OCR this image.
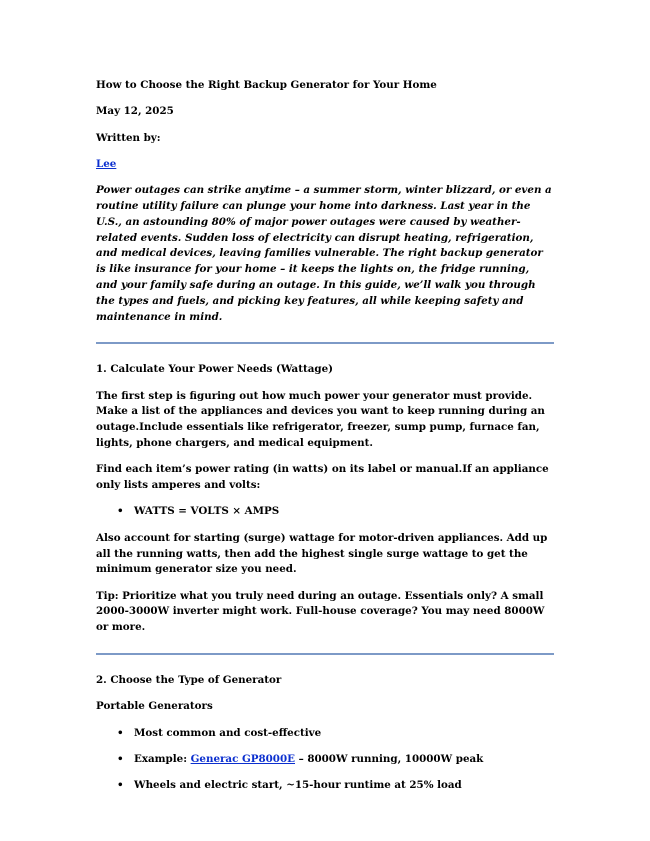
How to Choose the Right Backup Generator for Your Home
May 12, 2025
Written by:
Lee
Power outages can strike anytime – a summer storm, winter blizzard, or even a routine utility failure can plunge your home into darkness. Last year in the U.S., an astounding 80% of major power outages were caused by weather-related events. Sudden loss of electricity can disrupt heating, refrigeration, and medical devices, leaving families vulnerable. The right backup generator is like insurance for your home – it keeps the lights on, the fridge running, and your family safe during an outage. In this guide, we’ll walk you through the types and fuels, and picking key features, all while keeping safety and maintenance in mind.
1. Calculate Your Power Needs (Wattage)
The first step is figuring out how much power your generator must provide. Make a list of the appliances and devices you want to keep running during an outage.Include essentials like refrigerator, freezer, sump pump, furnace fan, lights, phone chargers, and medical equipment.
Find each item’s power rating (in watts) on its label or manual.If an appliance only lists amperes and volts:
• WATTS = VOLTS × AMPS
Also account for starting (surge) wattage for motor-driven appliances. Add up all the running watts, then add the highest single surge wattage to get the minimum generator size you need.
Tip: Prioritize what you truly need during an outage. Essentials only? A small 2000-3000W inverter might work. Full-house coverage? You may need 8000W or more.
2. Choose the Type of Generator
Portable Generators
• Most common and cost-effective
• Example: Generac GP8000E – 8000W running, 10000W peak
• Wheels and electric start, ~15-hour runtime at 25% load
